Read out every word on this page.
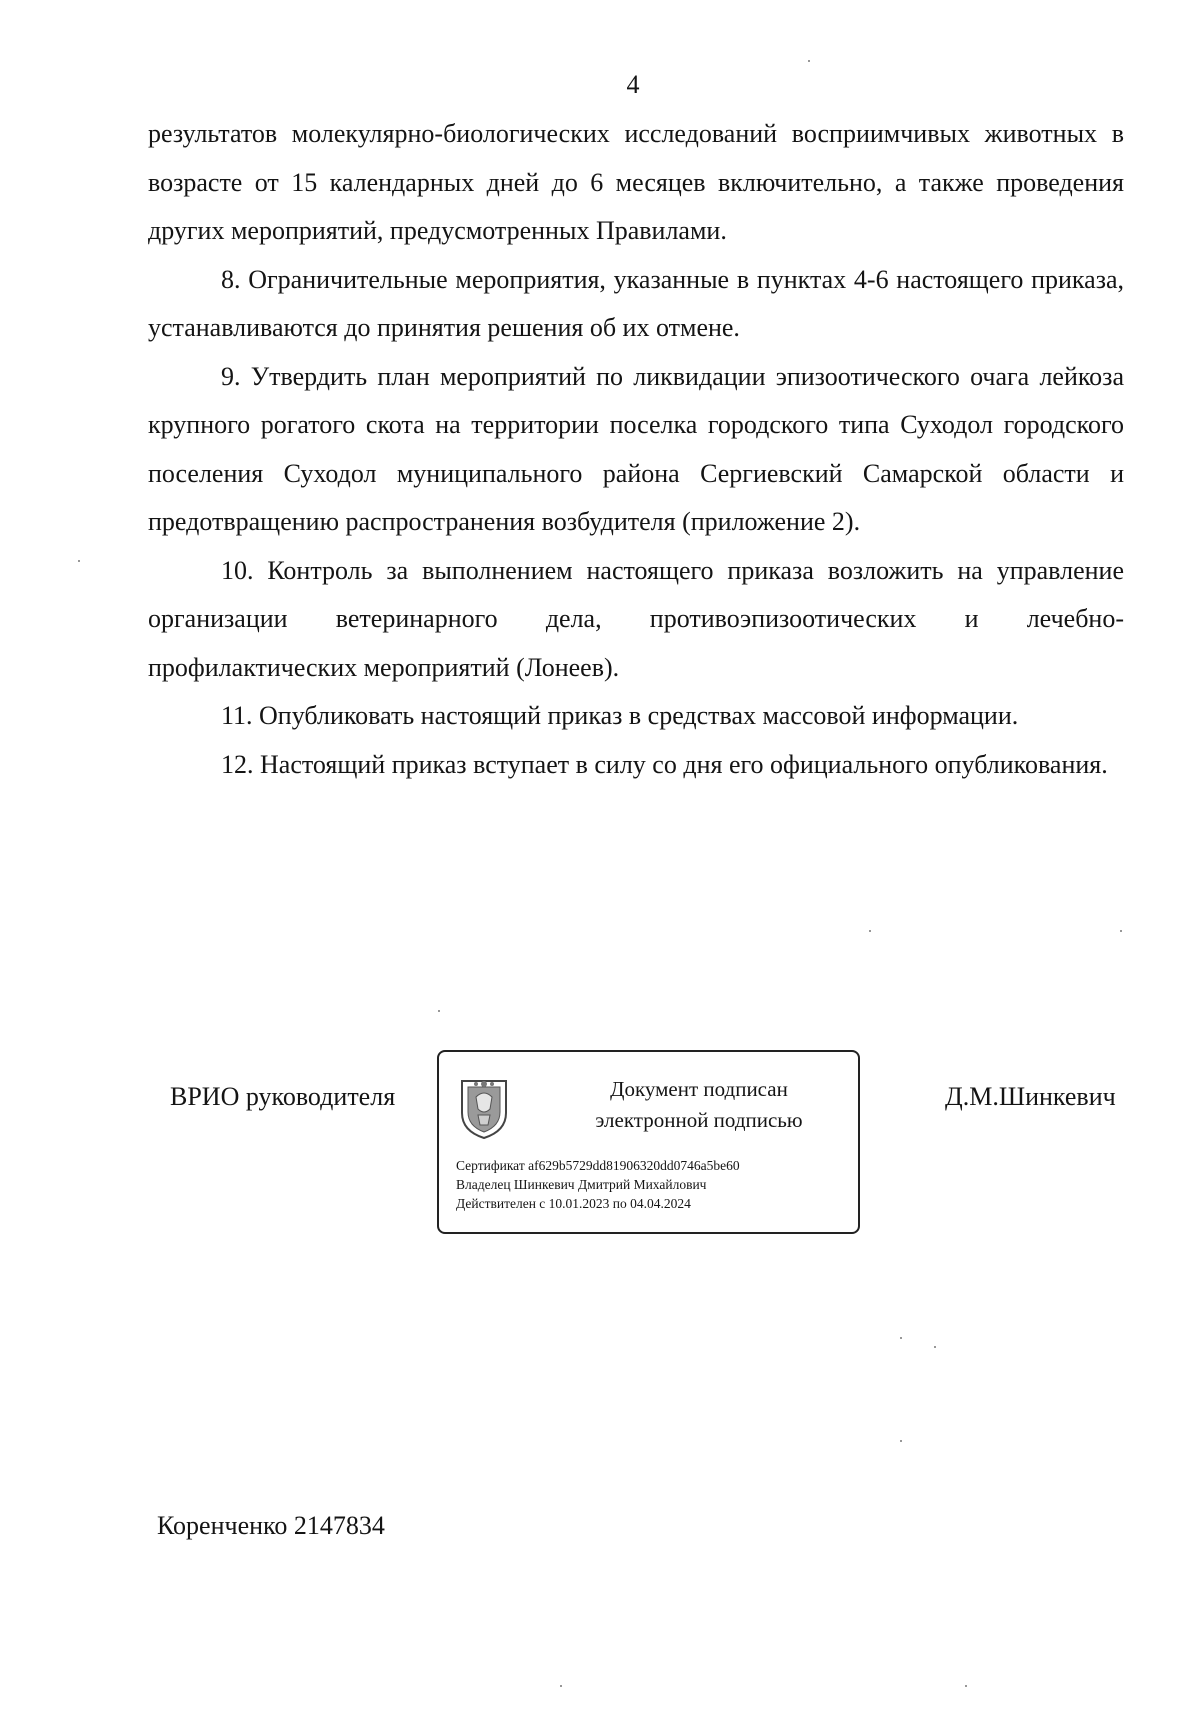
4

результатов молекулярно-биологических исследований восприимчивых животных в возрасте от 15 календарных дней до 6 месяцев включительно, а также проведения других мероприятий, предусмотренных Правилами.

8. Ограничительные мероприятия, указанные в пунктах 4-6 настоящего приказа, устанавливаются до принятия решения об их отмене.

9. Утвердить план мероприятий по ликвидации эпизоотического очага лейкоза крупного рогатого скота на территории поселка городского типа Суходол городского поселения Суходол муниципального района Сергиевский Самарской области и предотвращению распространения возбудителя (приложение 2).

10. Контроль за выполнением настоящего приказа возложить на управление организации ветеринарного дела, противоэпизоотических и лечебно-профилактических мероприятий (Лонеев).

11. Опубликовать настоящий приказ в средствах массовой информации.

12. Настоящий приказ вступает в силу со дня его официального опубликования.

ВРИО руководителя	Документ подписан
электронной подписью
Сертификат af629b5729dd81906320dd0746a5be60
Владелец Шинкевич Дмитрий Михайлович
Действителен с 10.01.2023 по 04.04.2024
Д.М.Шинкевич
Коренченко 2147834
